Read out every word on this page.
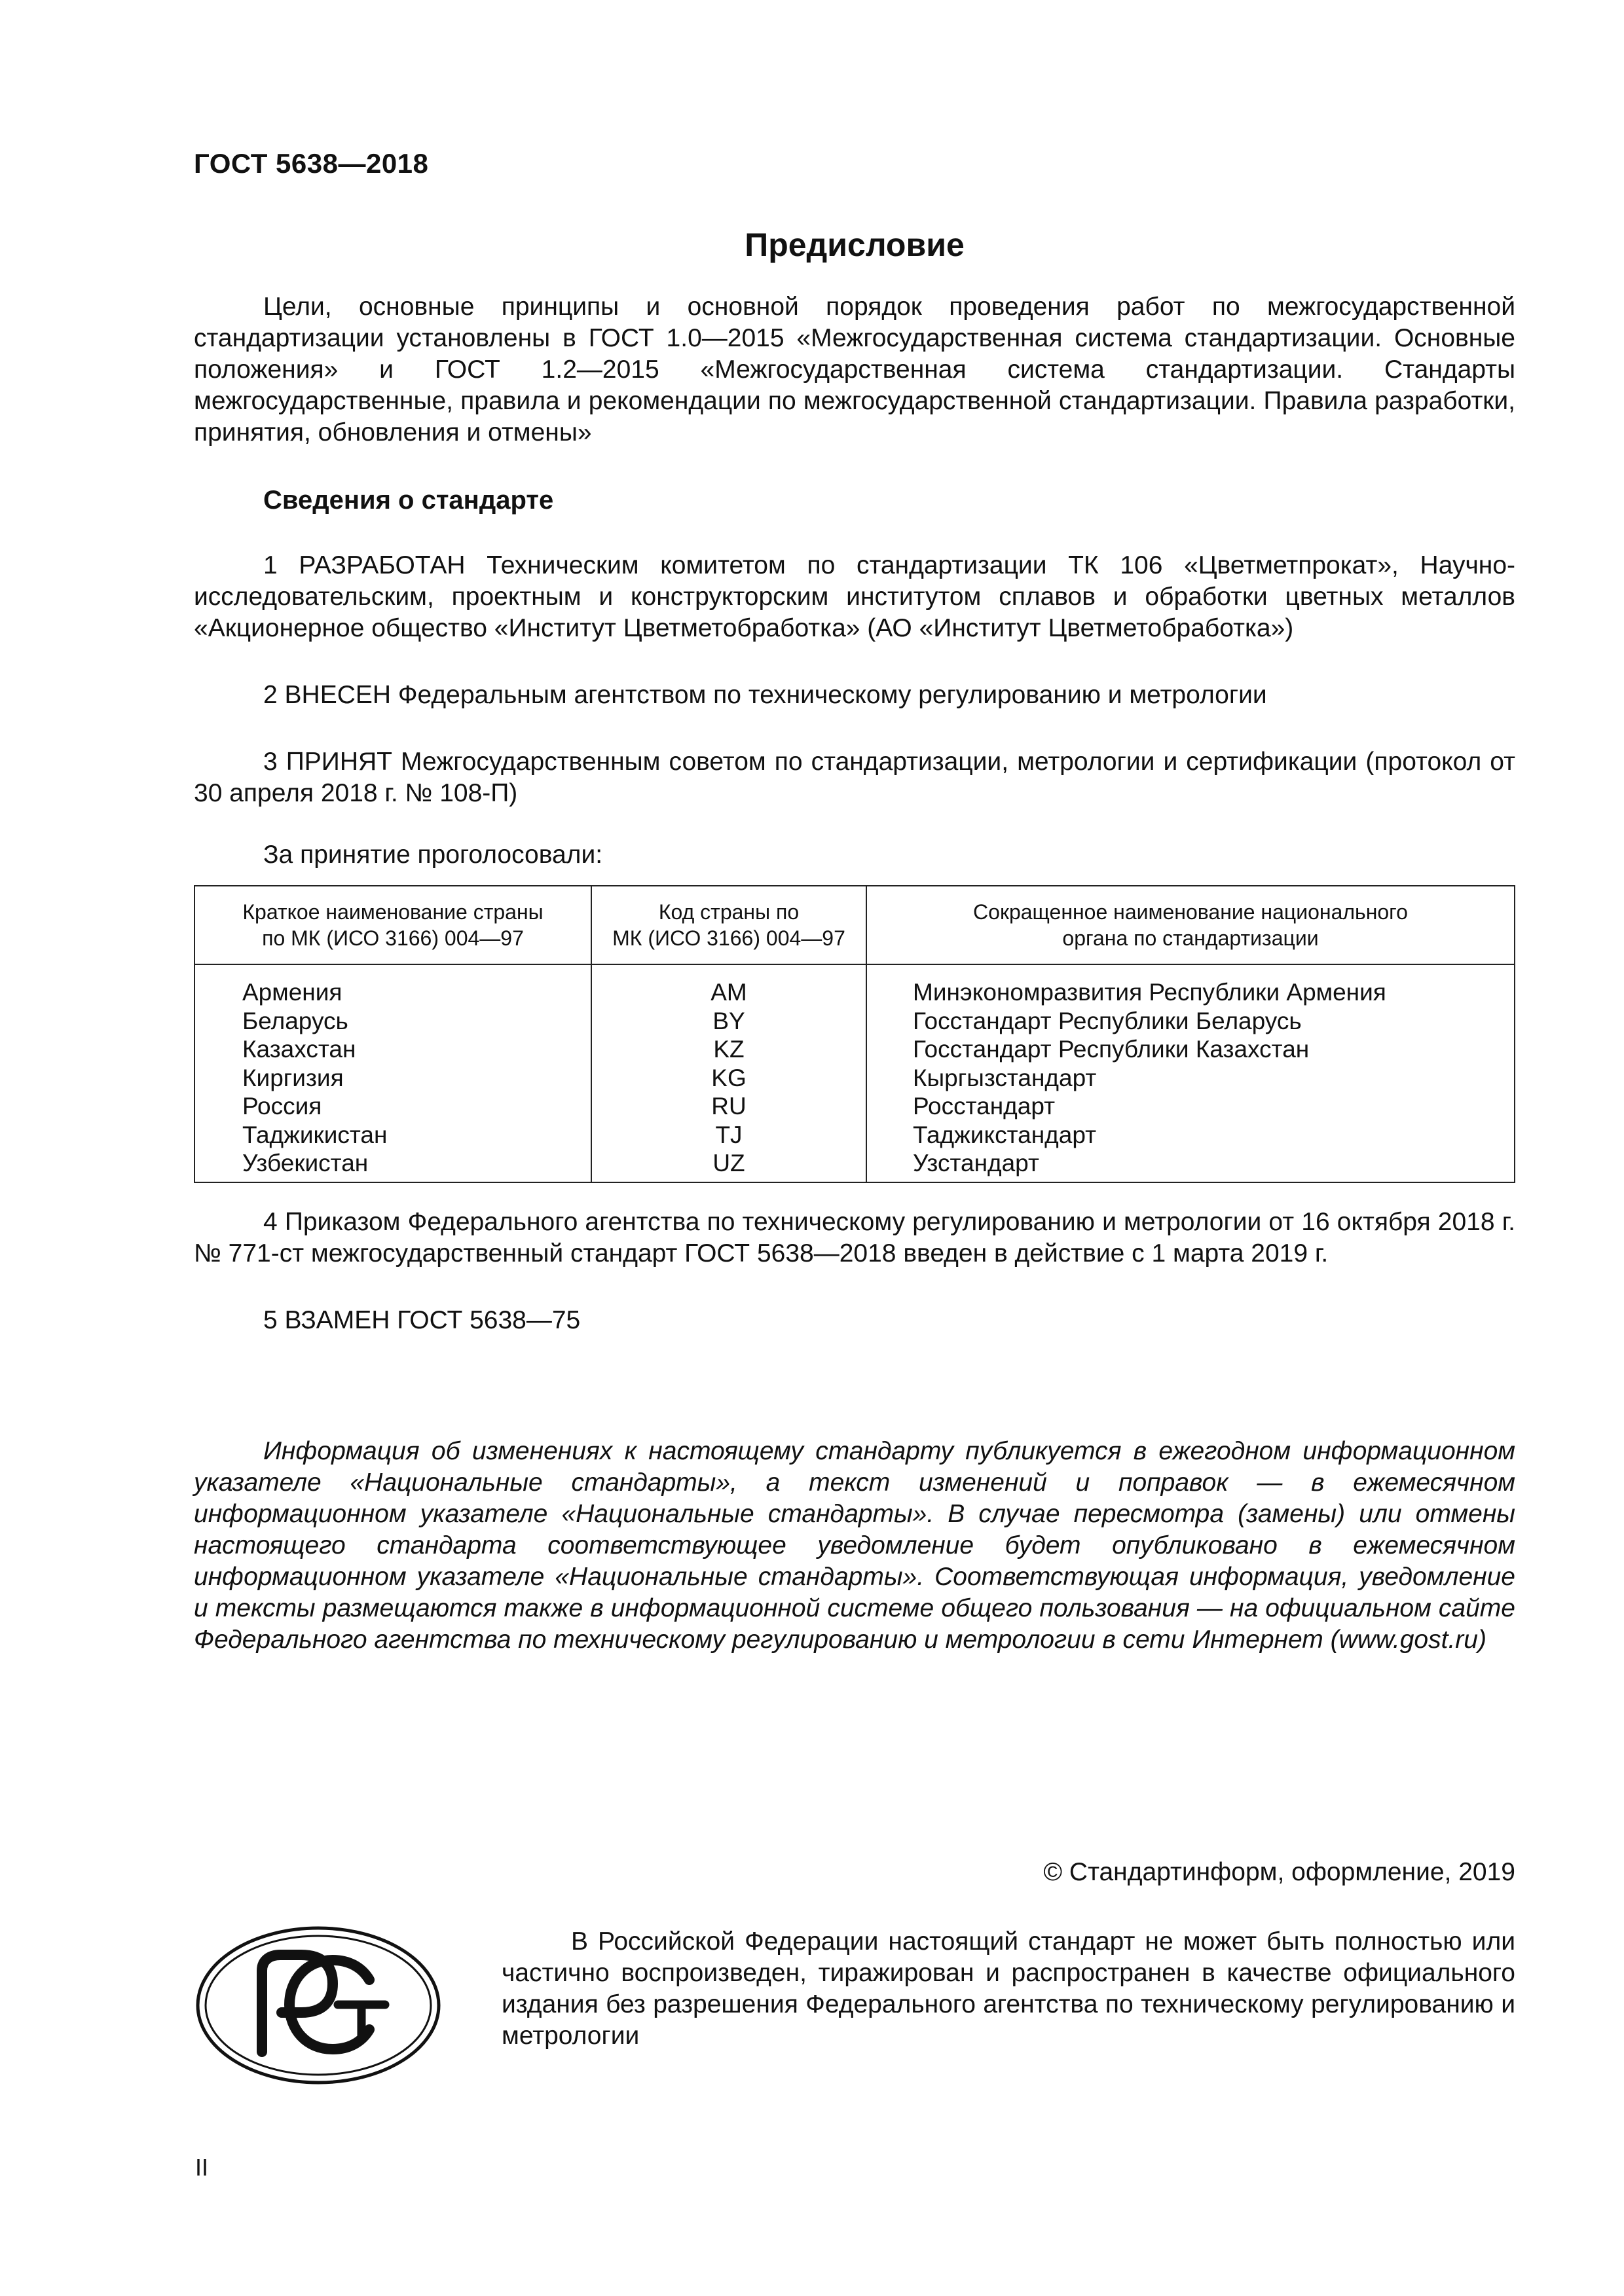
ГОСТ 5638—2018
Предисловие

Цели, основные принципы и основной порядок проведения работ по межгосударственной стандартизации установлены в ГОСТ 1.0—2015 «Межгосударственная система стандартизации. Основные положения» и ГОСТ 1.2—2015 «Межгосударственная система стандартизации. Стандарты межгосударственные, правила и рекомендации по межгосударственной стандартизации. Правила разработки, принятия, обновления и отмены»

Сведения о стандарте

1 РАЗРАБОТАН Техническим комитетом по стандартизации ТК 106 «Цветметпрокат», Научно-исследовательским, проектным и конструкторским институтом сплавов и обработки цветных металлов «Акционерное общество «Институт Цветметобработка» (АО «Институт Цветметобработка»)

2 ВНЕСЕН Федеральным агентством по техническому регулированию и метрологии

3 ПРИНЯТ Межгосударственным советом по стандартизации, метрологии и сертификации (протокол от 30 апреля 2018 г. № 108-П)

За принятие проголосовали:
Краткое наименование страны
по МК (ИСО 3166) 004—97
Армения
Беларусь
Казахстан
Киргизия
Россия
Таджикистан
Узбекистан
Код страны по
МК (ИСО 3166) 004—97
AM
BY
KZ
KG
RU
TJ
UZ
Сокращенное наименование национального
органа по стандартизации
Минэкономразвития Республики Армения
Госстандарт Республики Беларусь
Госстандарт Республики Казахстан
Кыргызстандарт
Росстандарт
Таджикстандарт
Узстандарт

4 Приказом Федерального агентства по техническому регулированию и метрологии от 16 октября 2018 г. № 771-ст межгосударственный стандарт ГОСТ 5638—2018 введен в действие с 1 марта 2019 г.

5 ВЗАМЕН ГОСТ 5638—75

Информация об изменениях к настоящему стандарту публикуется в ежегодном информационном указателе «Национальные стандарты», а текст изменений и поправок — в ежемесячном информационном указателе «Национальные стандарты». В случае пересмотра (замены) или отмены настоящего стандарта соответствующее уведомление будет опубликовано в ежемесячном информационном указателе «Национальные стандарты». Соответствующая информация, уведомление и тексты размещаются также в информационной системе общего пользования — на официальном сайте Федерального агентства по техническому регулированию и метрологии в сети Интернет (www.gost.ru)

© Стандартинформ, оформление, 2019

В Российской Федерации настоящий стандарт не может быть полностью или частично воспроизведен, тиражирован и распространен в качестве официального издания без разрешения Федерального агентства по техническому регулированию и метрологии

II
